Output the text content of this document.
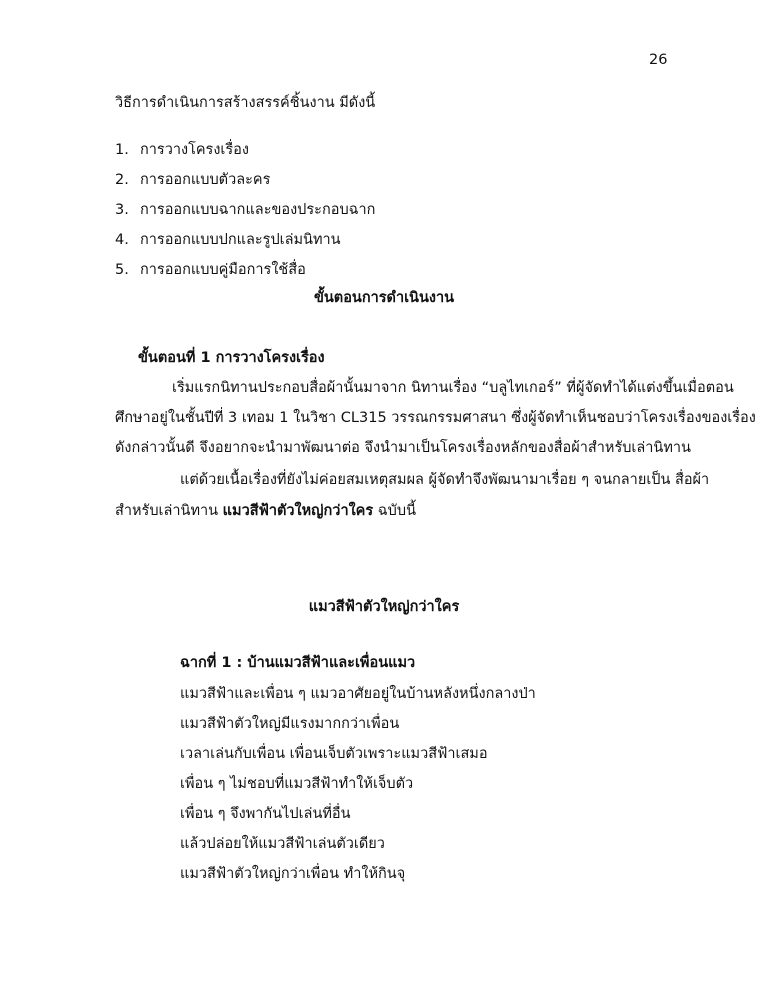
26
วิธีการดำเนินการสร้างสรรค์ชิ้นงาน มีดังนี้
1. การวางโครงเรื่อง
2. การออกแบบตัวละคร
3. การออกแบบฉากและของประกอบฉาก
4. การออกแบบปกและรูปเล่มนิทาน
5. การออกแบบคู่มือการใช้สื่อ
ขั้นตอนการดำเนินงาน
ขั้นตอนที่ 1 การวางโครงเรื่อง
เริ่มแรกนิทานประกอบสื่อผ้านั้นมาจาก นิทานเรื่อง “บลูไทเกอร์” ที่ผู้จัดทำได้แต่งขึ้นเมื่อตอน
ศึกษาอยู่ในชั้นปีที่ 3 เทอม 1 ในวิชา CL315 วรรณกรรมศาสนา ซึ่งผู้จัดทำเห็นชอบว่าโครงเรื่องของเรื่อง
ดังกล่าวนั้นดี จึงอยากจะนำมาพัฒนาต่อ จึงนำมาเป็นโครงเรื่องหลักของสื่อผ้าสำหรับเล่านิทาน
แต่ด้วยเนื้อเรื่องที่ยังไม่ค่อยสมเหตุสมผล ผู้จัดทำจึงพัฒนามาเรื่อย ๆ จนกลายเป็น สื่อผ้า
สำหรับเล่านิทาน แมวสีฟ้าตัวใหญ่กว่าใคร ฉบับนี้
แมวสีฟ้าตัวใหญ่กว่าใคร
ฉากที่ 1 : บ้านแมวสีฟ้าและเพื่อนแมว
แมวสีฟ้าและเพื่อน ๆ แมวอาศัยอยู่ในบ้านหลังหนึ่งกลางป่า
แมวสีฟ้าตัวใหญ่มีแรงมากกว่าเพื่อน
เวลาเล่นกับเพื่อน เพื่อนเจ็บตัวเพราะแมวสีฟ้าเสมอ
เพื่อน ๆ ไม่ชอบที่แมวสีฟ้าทำให้เจ็บตัว
เพื่อน ๆ จึงพากันไปเล่นที่อื่น
แล้วปล่อยให้แมวสีฟ้าเล่นตัวเดียว
แมวสีฟ้าตัวใหญ่กว่าเพื่อน ทำให้กินจุ
